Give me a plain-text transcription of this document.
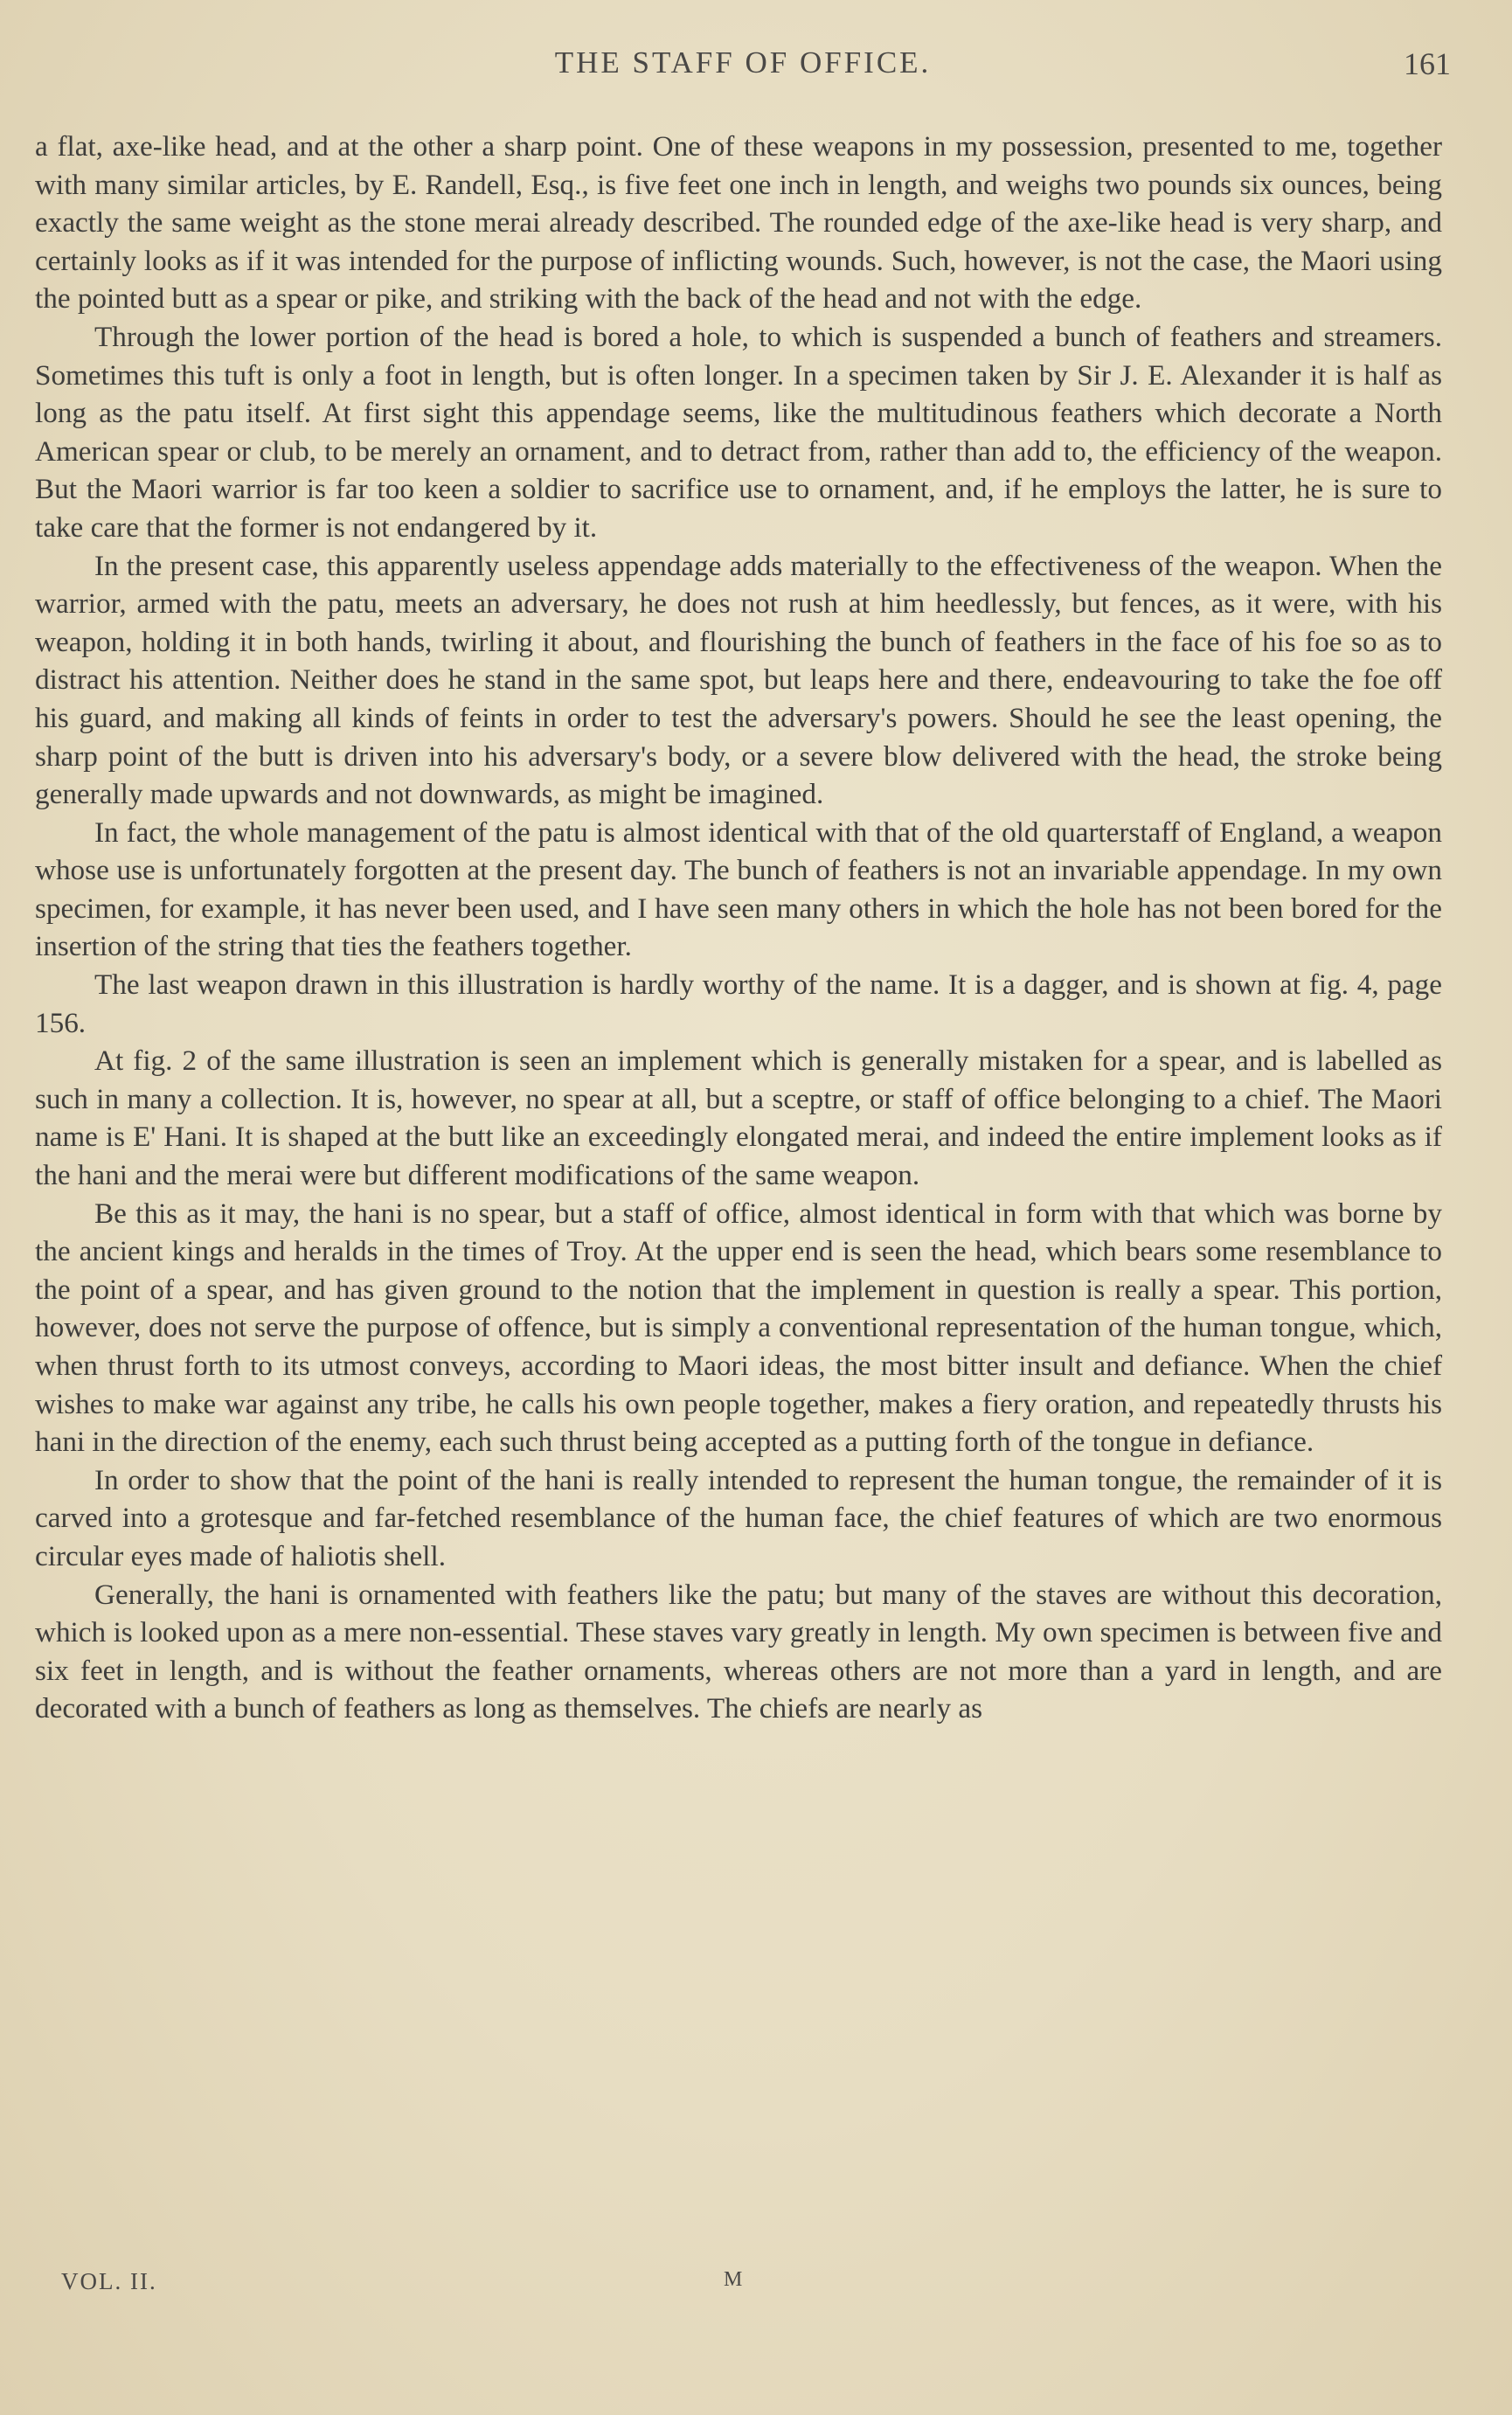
THE STAFF OF OFFICE.	161

a flat, axe-like head, and at the other a sharp point. One of these weapons in my possession, presented to me, together with many similar articles, by E. Randell, Esq., is five feet one inch in length, and weighs two pounds six ounces, being exactly the same weight as the stone merai already described. The rounded edge of the axe-like head is very sharp, and certainly looks as if it was intended for the purpose of inflicting wounds. Such, however, is not the case, the Maori using the pointed butt as a spear or pike, and striking with the back of the head and not with the edge.

Through the lower portion of the head is bored a hole, to which is suspended a bunch of feathers and streamers. Sometimes this tuft is only a foot in length, but is often longer. In a specimen taken by Sir J. E. Alexander it is half as long as the patu itself. At first sight this appendage seems, like the multitudinous feathers which decorate a North American spear or club, to be merely an ornament, and to detract from, rather than add to, the efficiency of the weapon. But the Maori warrior is far too keen a soldier to sacrifice use to ornament, and, if he employs the latter, he is sure to take care that the former is not endangered by it.

In the present case, this apparently useless appendage adds materially to the effectiveness of the weapon. When the warrior, armed with the patu, meets an adversary, he does not rush at him heedlessly, but fences, as it were, with his weapon, holding it in both hands, twirling it about, and flourishing the bunch of feathers in the face of his foe so as to distract his attention. Neither does he stand in the same spot, but leaps here and there, endeavouring to take the foe off his guard, and making all kinds of feints in order to test the adversary's powers. Should he see the least opening, the sharp point of the butt is driven into his adversary's body, or a severe blow delivered with the head, the stroke being generally made upwards and not downwards, as might be imagined.

In fact, the whole management of the patu is almost identical with that of the old quarterstaff of England, a weapon whose use is unfortunately forgotten at the present day. The bunch of feathers is not an invariable appendage. In my own specimen, for example, it has never been used, and I have seen many others in which the hole has not been bored for the insertion of the string that ties the feathers together.

The last weapon drawn in this illustration is hardly worthy of the name. It is a dagger, and is shown at fig. 4, page 156.

At fig. 2 of the same illustration is seen an implement which is generally mistaken for a spear, and is labelled as such in many a collection. It is, however, no spear at all, but a sceptre, or staff of office belonging to a chief. The Maori name is E' Hani. It is shaped at the butt like an exceedingly elongated merai, and indeed the entire implement looks as if the hani and the merai were but different modifications of the same weapon.

Be this as it may, the hani is no spear, but a staff of office, almost identical in form with that which was borne by the ancient kings and heralds in the times of Troy. At the upper end is seen the head, which bears some resemblance to the point of a spear, and has given ground to the notion that the implement in question is really a spear. This portion, however, does not serve the purpose of offence, but is simply a conventional representation of the human tongue, which, when thrust forth to its utmost conveys, according to Maori ideas, the most bitter insult and defiance. When the chief wishes to make war against any tribe, he calls his own people together, makes a fiery oration, and repeatedly thrusts his hani in the direction of the enemy, each such thrust being accepted as a putting forth of the tongue in defiance.

In order to show that the point of the hani is really intended to represent the human tongue, the remainder of it is carved into a grotesque and far-fetched resemblance of the human face, the chief features of which are two enormous circular eyes made of haliotis shell.

Generally, the hani is ornamented with feathers like the patu; but many of the staves are without this decoration, which is looked upon as a mere non-essential. These staves vary greatly in length. My own specimen is between five and six feet in length, and is without the feather ornaments, whereas others are not more than a yard in length, and are decorated with a bunch of feathers as long as themselves. The chiefs are nearly as

VOL. II.	M
